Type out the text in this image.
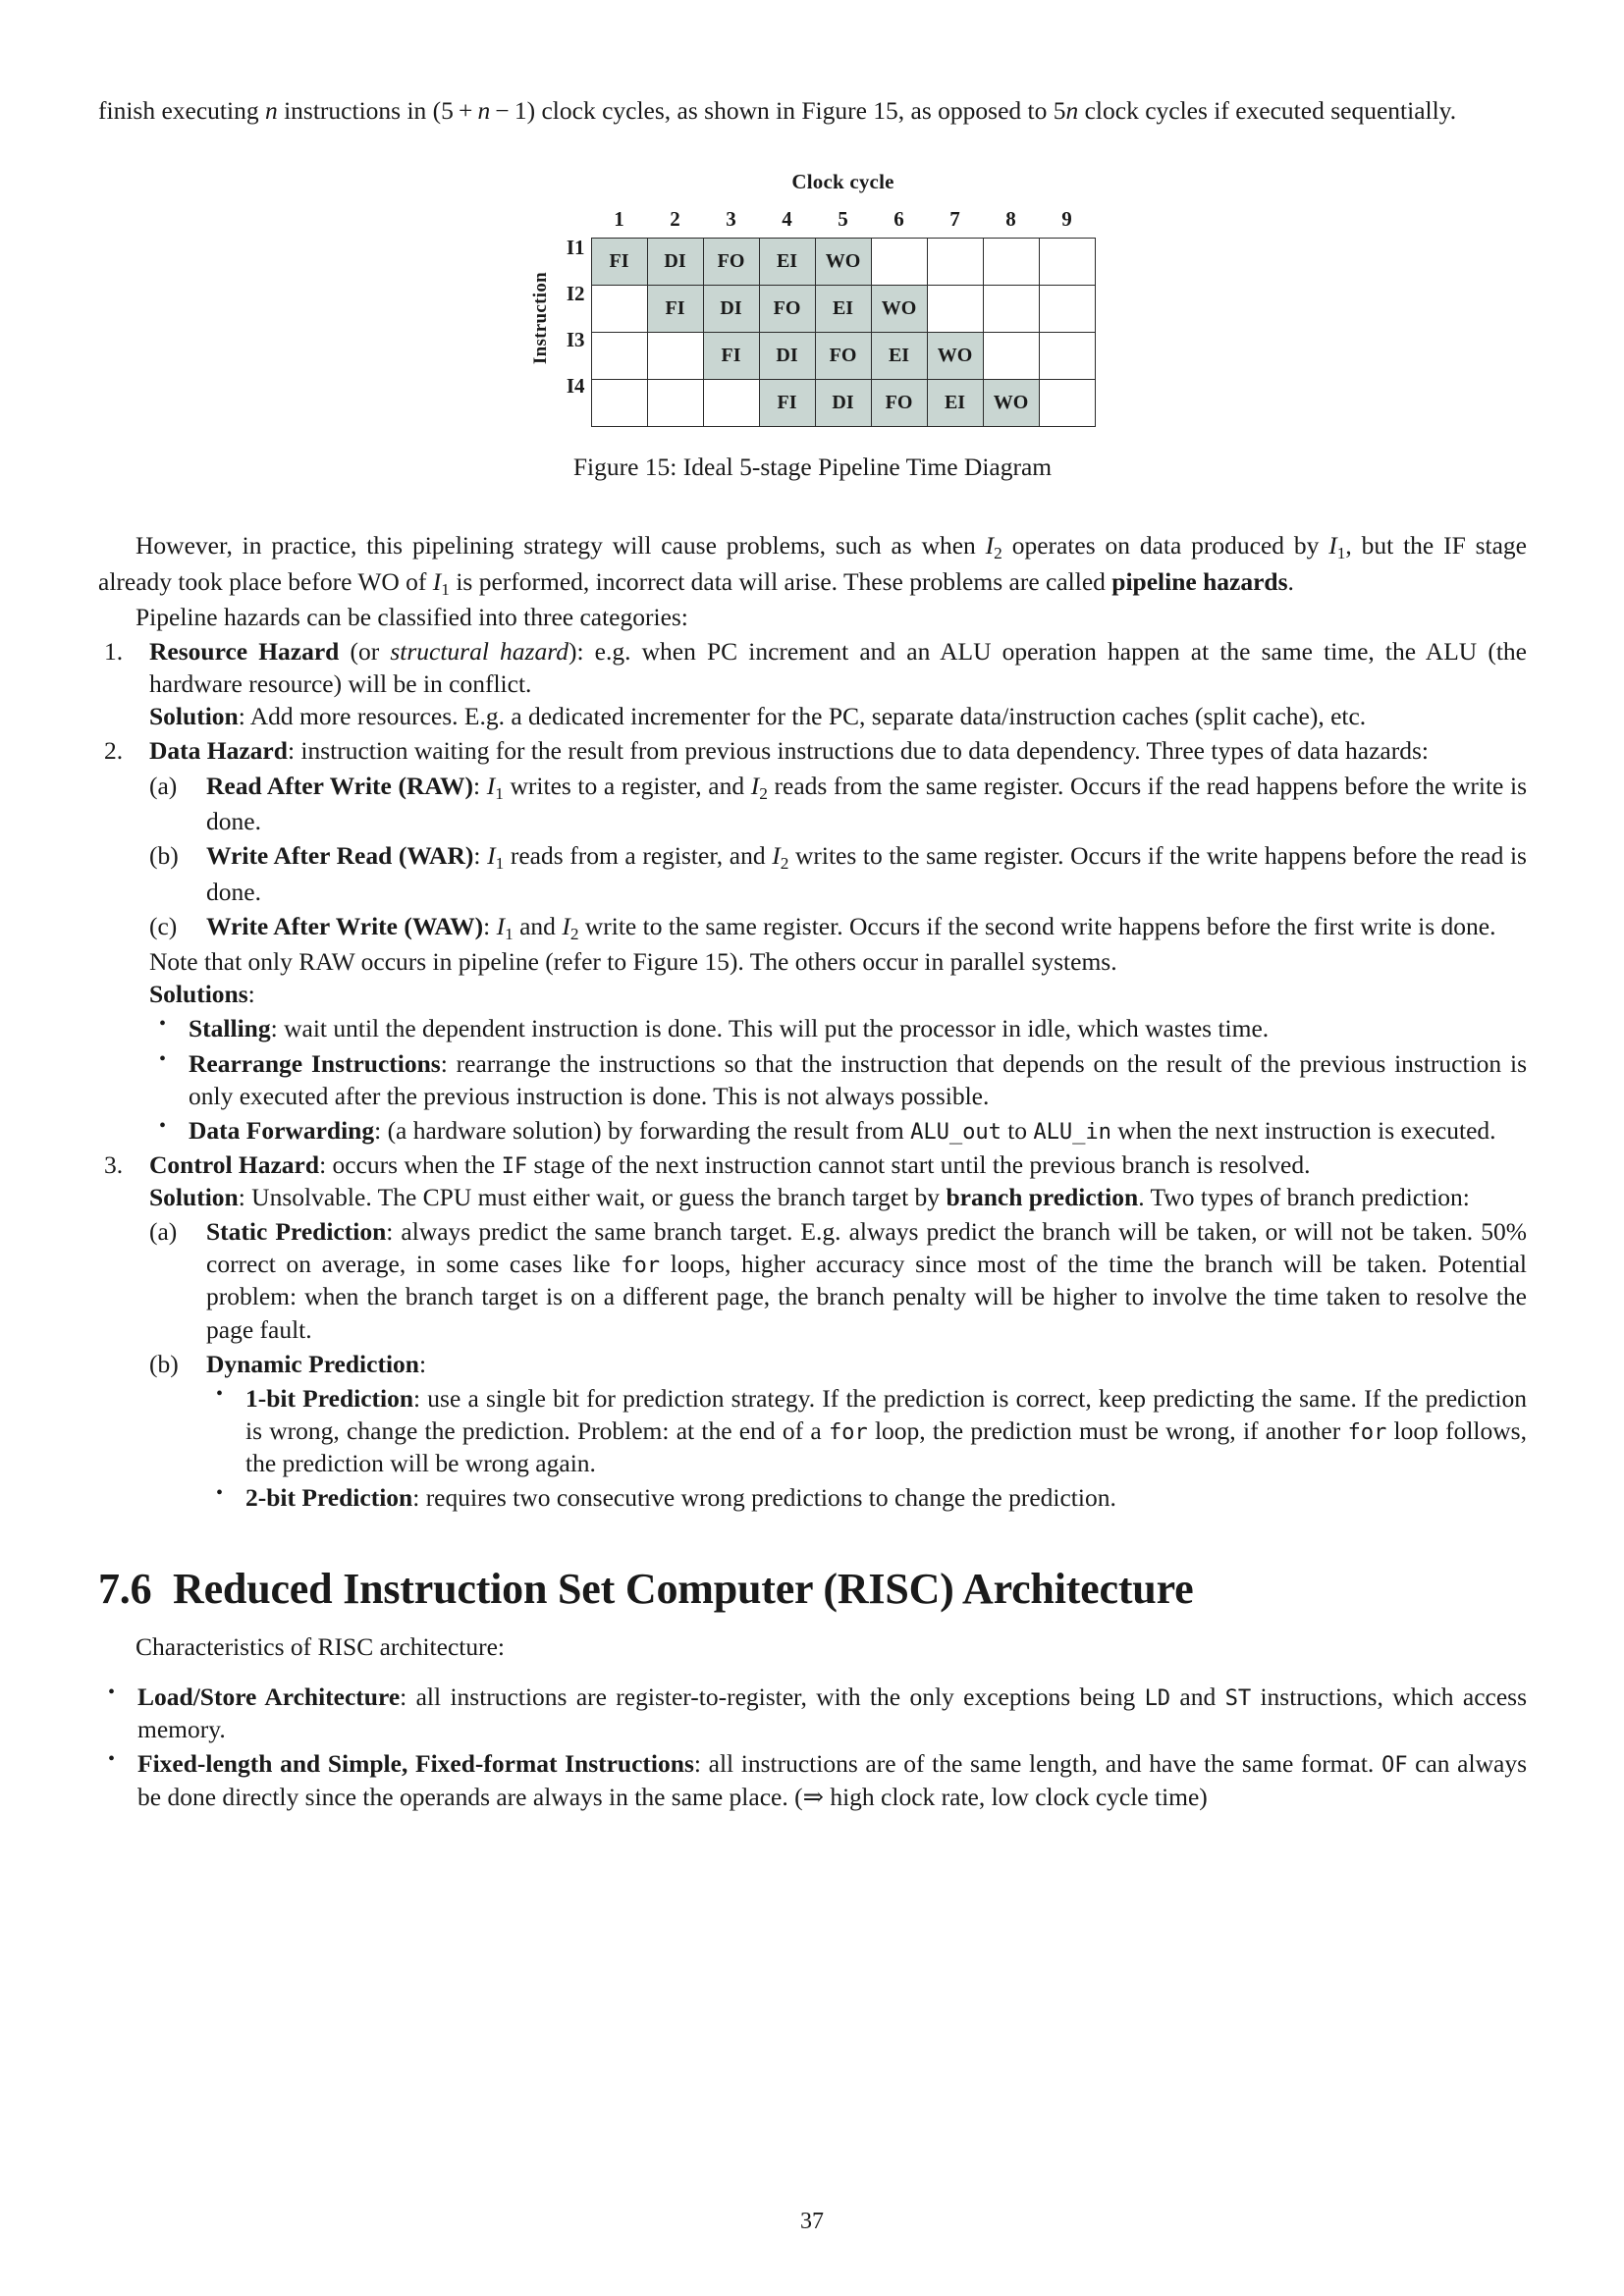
finish executing n instructions in (5 + n − 1) clock cycles, as shown in Figure 15, as opposed to 5n clock cycles if executed sequentially.

Instruction
I1
I2
I3
I4
Clock cycle
1	2	3	4	5	6	7	8	9
FI	DI	FO	EI	WO				
	FI	DI	FO	EI	WO			
		FI	DI	FO	EI	WO		
			FI	DI	FO	EI	WO	
Figure 15: Ideal 5-stage Pipeline Time Diagram

However, in practice, this pipelining strategy will cause problems, such as when $I_2$ operates on data produced by $I_1$, but the IF stage already took place before WO of $I_1$ is performed, incorrect data will arise. These problems are called pipeline hazards.

Pipeline hazards can be classified into three categories:

1.	Resource Hazard (or structural hazard): e.g. when PC increment and an ALU operation happen at the same time, the ALU (the hardware resource) will be in conflict.
Solution: Add more resources. E.g. a dedicated incrementer for the PC, separate data/instruction caches (split cache), etc.
2.	Data Hazard: instruction waiting for the result from previous instructions due to data dependency. Three types of data hazards:
(a)	Read After Write (RAW): $I_1$ writes to a register, and $I_2$ reads from the same register. Occurs if the read happens before the write is done.
(b)	Write After Read (WAR): $I_1$ reads from a register, and $I_2$ writes to the same register. Occurs if the write happens before the read is done.
(c)	Write After Write (WAW): $I_1$ and $I_2$ write to the same register. Occurs if the second write happens before the first write is done.
Note that only RAW occurs in pipeline (refer to Figure 15). The others occur in parallel systems.
Solutions:
• Stalling: wait until the dependent instruction is done. This will put the processor in idle, which wastes time.
• Rearrange Instructions: rearrange the instructions so that the instruction that depends on the result of the previous instruction is only executed after the previous instruction is done. This is not always possible.
• Data Forwarding: (a hardware solution) by forwarding the result from ALU_out to ALU_in when the next instruction is executed.
3.	Control Hazard: occurs when the IF stage of the next instruction cannot start until the previous branch is resolved.
Solution: Unsolvable. The CPU must either wait, or guess the branch target by branch prediction. Two types of branch prediction:
(a)	Static Prediction: always predict the same branch target. E.g. always predict the branch will be taken, or will not be taken. 50% correct on average, in some cases like for loops, higher accuracy since most of the time the branch will be taken. Potential problem: when the branch target is on a different page, the branch penalty will be higher to involve the time taken to resolve the page fault.
(b)	Dynamic Prediction:
• 1-bit Prediction: use a single bit for prediction strategy. If the prediction is correct, keep predicting the same. If the prediction is wrong, change the prediction. Problem: at the end of a for loop, the prediction must be wrong, if another for loop follows, the prediction will be wrong again.
• 2-bit Prediction: requires two consecutive wrong predictions to change the prediction.
7.6 Reduced Instruction Set Computer (RISC) Architecture

Characteristics of RISC architecture:

• Load/Store Architecture: all instructions are register-to-register, with the only exceptions being LD and ST instructions, which access memory.
• Fixed-length and Simple, Fixed-format Instructions: all instructions are of the same length, and have the same format. OF can always be done directly since the operands are always in the same place. (⇒ high clock rate, low clock cycle time)
37
